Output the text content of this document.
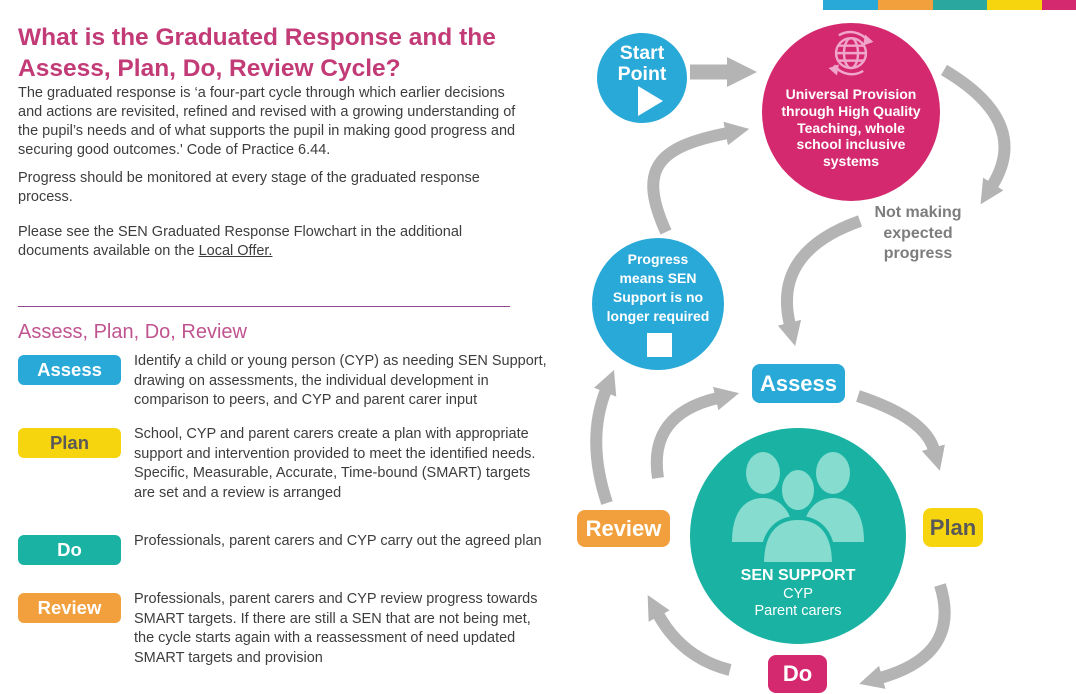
What is the Graduated Response and the
Assess, Plan, Do, Review Cycle?
The graduated response is ‘a four-part cycle through which earlier decisions
and actions are revisited, refined and revised with a growing understanding of
the pupil’s needs and of what supports the pupil in making good progress and
securing good outcomes.' Code of Practice 6.44.
Progress should be monitored at every stage of the graduated response
process.
Please see the SEN Graduated Response Flowchart in the additional
documents available on the Local Offer.
Assess, Plan, Do, Review
Assess	Identify a child or young person (CYP) as needing SEN Support, drawing on assessments, the individual development in comparison to peers, and CYP and parent carer input
Plan	School, CYP and parent carers create a plan with appropriate support and intervention provided to meet the identified needs. Specific, Measurable, Accurate, Time-bound (SMART) targets are set and a review is arranged
Do	Professionals, parent carers and CYP carry out the agreed plan
Review	Professionals, parent carers and CYP review progress towards SMART targets. If there are still a SEN that are not being met, the cycle starts again with a reassessment of need updated SMART targets and provision
Start
Point
Universal Provision
through High Quality
Teaching, whole
school inclusive
systems
Not making
expected
progress
Progress
means SEN
Support is no
longer required
SEN SUPPORT
CYP
Parent carers
Assess
Plan
Do
Review
